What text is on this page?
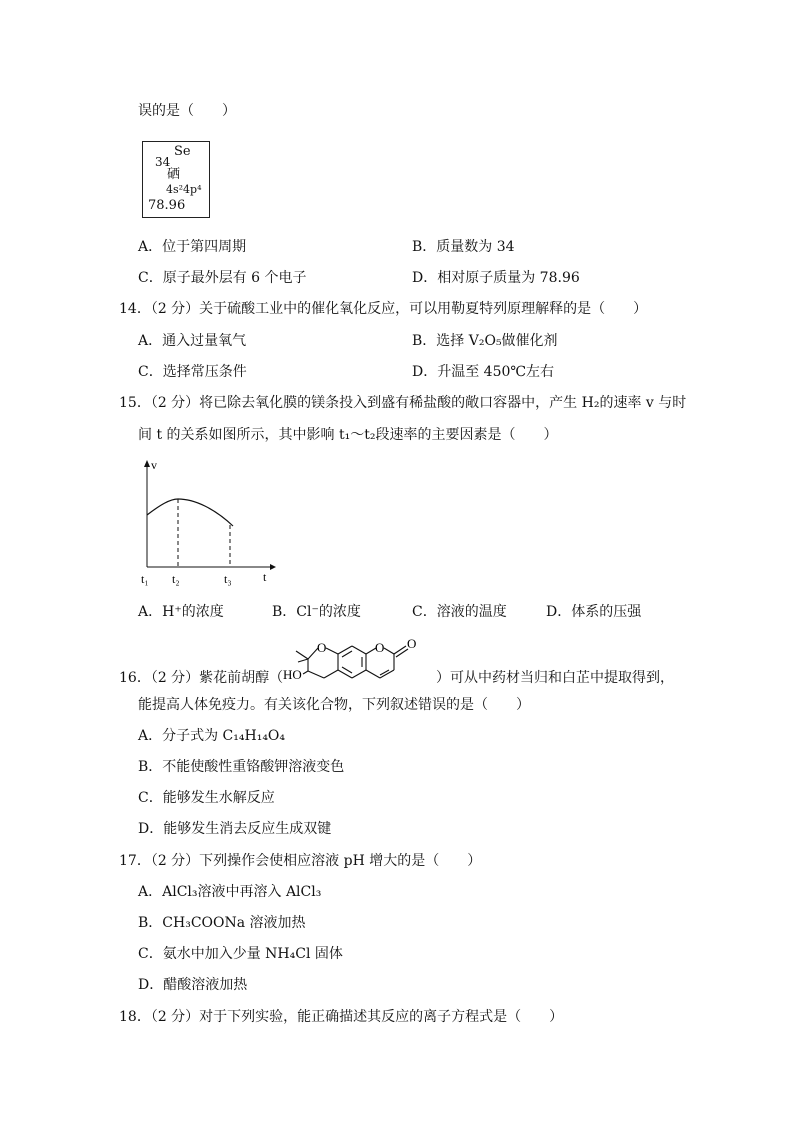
误的是（　　）
Se
34
硒
4s²4p⁴
78.96
A．位于第四周期	B．质量数为 34
C．原子最外层有 6 个电子	D．相对原子质量为 78.96
14．（2 分）关于硫酸工业中的催化氧化反应，可以用勒夏特列原理解释的是（　　）
A．通入过量氧气	B．选择 V₂O₅做催化剂
C．选择常压条件	D．升温至 450℃左右
15．（2 分）将已除去氧化膜的镁条投入到盛有稀盐酸的敞口容器中，产生 H₂的速率 v 与时
间 t 的关系如图所示，其中影响 t₁～t₂段速率的主要因素是（　　）
v
t
t₁ t₂	t₃
A．H⁺的浓度	B．Cl⁻的浓度	C．溶液的温度	D．体系的压强
16．（2 分）紫花前胡醇（
O	O O
HO	）可从中药材当归和白芷中提取得到，
能提高人体免疫力。有关该化合物，下列叙述错误的是（　　）
A．分子式为 C₁₄H₁₄O₄
B．不能使酸性重铬酸钾溶液变色
C．能够发生水解反应
D．能够发生消去反应生成双键
17．（2 分）下列操作会使相应溶液 pH 增大的是（　　）
A．AlCl₃溶液中再溶入 AlCl₃
B．CH₃COONa 溶液加热
C．氨水中加入少量 NH₄Cl 固体
D．醋酸溶液加热
18．（2 分）对于下列实验，能正确描述其反应的离子方程式是（　　）
